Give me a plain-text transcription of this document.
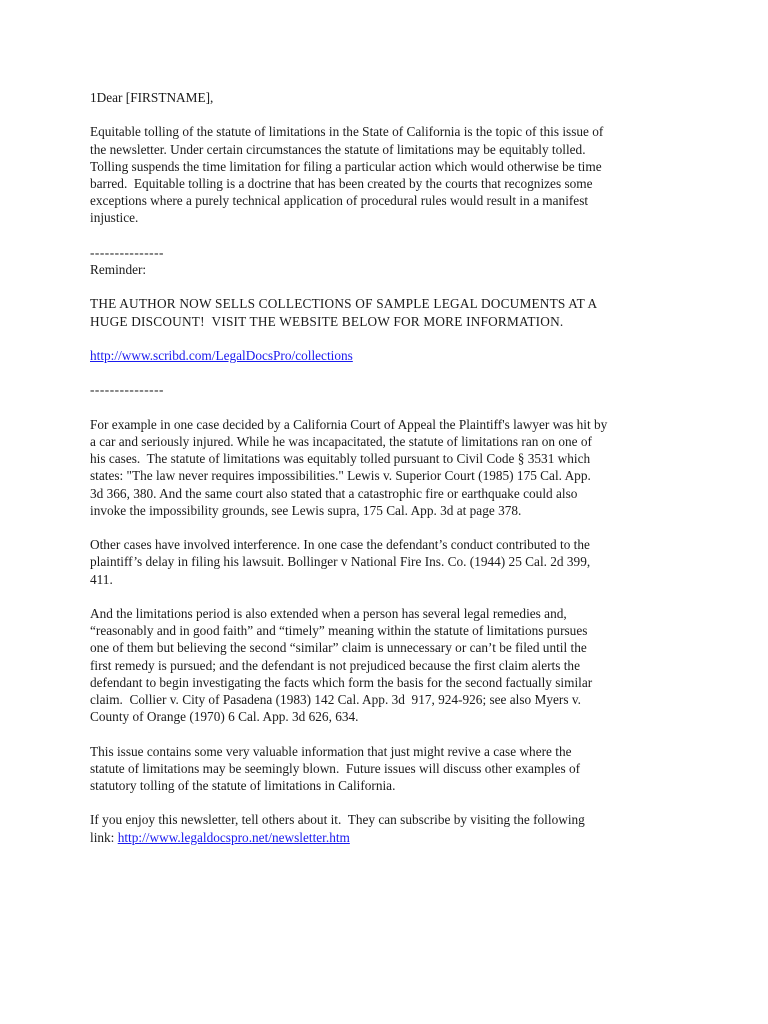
1Dear [FIRSTNAME],

Equitable tolling of the statute of limitations in the State of California is the topic of this issue of
the newsletter. Under certain circumstances the statute of limitations may be equitably tolled.
Tolling suspends the time limitation for filing a particular action which would otherwise be time
barred.  Equitable tolling is a doctrine that has been created by the courts that recognizes some
exceptions where a purely technical application of procedural rules would result in a manifest
injustice.

---------------
Reminder:

THE AUTHOR NOW SELLS COLLECTIONS OF SAMPLE LEGAL DOCUMENTS AT A
HUGE DISCOUNT!  VISIT THE WEBSITE BELOW FOR MORE INFORMATION.

http://www.scribd.com/LegalDocsPro/collections

---------------

For example in one case decided by a California Court of Appeal the Plaintiff's lawyer was hit by
a car and seriously injured. While he was incapacitated, the statute of limitations ran on one of
his cases.  The statute of limitations was equitably tolled pursuant to Civil Code § 3531 which
states: "The law never requires impossibilities." Lewis v. Superior Court (1985) 175 Cal. App.
3d 366, 380. And the same court also stated that a catastrophic fire or earthquake could also
invoke the impossibility grounds, see Lewis supra, 175 Cal. App. 3d at page 378.

Other cases have involved interference. In one case the defendant’s conduct contributed to the
plaintiff’s delay in filing his lawsuit. Bollinger v National Fire Ins. Co. (1944) 25 Cal. 2d 399,
411.

And the limitations period is also extended when a person has several legal remedies and,
“reasonably and in good faith” and “timely” meaning within the statute of limitations pursues
one of them but believing the second “similar” claim is unnecessary or can’t be filed until the
first remedy is pursued; and the defendant is not prejudiced because the first claim alerts the
defendant to begin investigating the facts which form the basis for the second factually similar
claim.  Collier v. City of Pasadena (1983) 142 Cal. App. 3d  917, 924-926; see also Myers v.
County of Orange (1970) 6 Cal. App. 3d 626, 634.

This issue contains some very valuable information that just might revive a case where the
statute of limitations may be seemingly blown.  Future issues will discuss other examples of
statutory tolling of the statute of limitations in California.

If you enjoy this newsletter, tell others about it.  They can subscribe by visiting the following
link: http://www.legaldocspro.net/newsletter.htm
